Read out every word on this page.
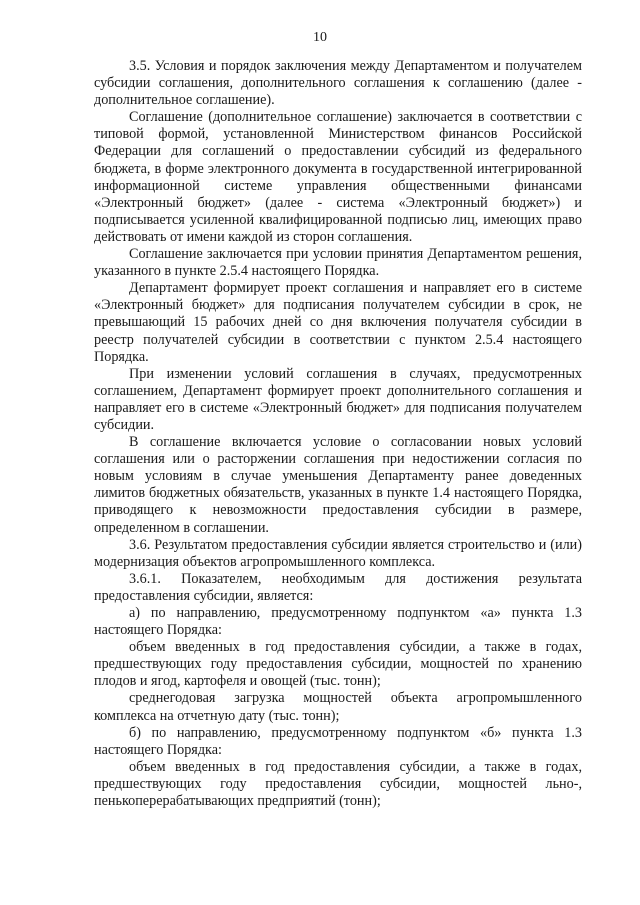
10

3.5. Условия и порядок заключения между Департаментом и получателем субсидии соглашения, дополнительного соглашения к соглашению (далее - дополнительное соглашение).

Соглашение (дополнительное соглашение) заключается в соответствии с типовой формой, установленной Министерством финансов Российской Федерации для соглашений о предоставлении субсидий из федерального бюджета, в форме электронного документа в государственной интегрированной информационной системе управления общественными финансами «Электронный бюджет» (далее - система «Электронный бюджет») и подписывается усиленной квалифицированной подписью лиц, имеющих право действовать от имени каждой из сторон соглашения.

Соглашение заключается при условии принятия Департаментом решения, указанного в пункте 2.5.4 настоящего Порядка.

Департамент формирует проект соглашения и направляет его в системе «Электронный бюджет» для подписания получателем субсидии в срок, не превышающий 15 рабочих дней со дня включения получателя субсидии в реестр получателей субсидии в соответствии с пунктом 2.5.4 настоящего Порядка.

При изменении условий соглашения в случаях, предусмотренных соглашением, Департамент формирует проект дополнительного соглашения и направляет его в системе «Электронный бюджет» для подписания получателем субсидии.

В соглашение включается условие о согласовании новых условий соглашения или о расторжении соглашения при недостижении согласия по новым условиям в случае уменьшения Департаменту ранее доведенных лимитов бюджетных обязательств, указанных в пункте 1.4 настоящего Порядка, приводящего к невозможности предоставления субсидии в размере, определенном в соглашении.

3.6. Результатом предоставления субсидии является строительство и (или) модернизация объектов агропромышленного комплекса.

3.6.1. Показателем, необходимым для достижения результата предоставления субсидии, является:

а) по направлению, предусмотренному подпунктом «а» пункта 1.3 настоящего Порядка:

объем введенных в год предоставления субсидии, а также в годах, предшествующих году предоставления субсидии, мощностей по хранению плодов и ягод, картофеля и овощей (тыс. тонн);

среднегодовая загрузка мощностей объекта агропромышленного комплекса на отчетную дату (тыс. тонн);

б) по направлению, предусмотренному подпунктом «б» пункта 1.3 настоящего Порядка:

объем введенных в год предоставления субсидии, а также в годах, предшествующих году предоставления субсидии, мощностей льно-, пенькоперерабатывающих предприятий (тонн);
